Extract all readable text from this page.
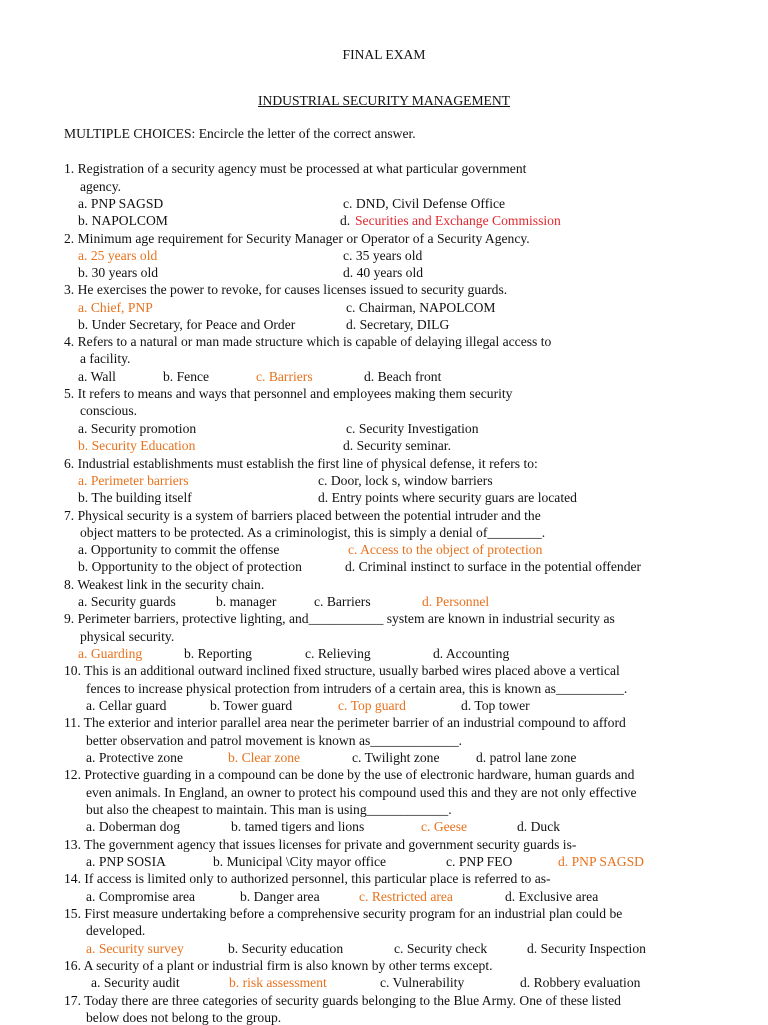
FINAL EXAM
INDUSTRIAL SECURITY MANAGEMENT
MULTIPLE CHOICES: Encircle the letter of the correct answer.
1. Registration of a security agency must be processed at what particular government
agency.
a. PNP SAGSD	c. DND, Civil Defense Office
b. NAPOLCOM	d. Securities and Exchange Commission
2. Minimum age requirement for Security Manager or Operator of a Security Agency.
a. 25 years old	c. 35 years old
b. 30 years old	d. 40 years old
3. He exercises the power to revoke, for causes licenses issued to security guards.
a. Chief, PNP	c. Chairman, NAPOLCOM
b. Under Secretary, for Peace and Order	d. Secretary, DILG
4. Refers to a natural or man made structure which is capable of delaying illegal access to
a facility.
a. Wall	b. Fence	c. Barriers	d. Beach front
5. It refers to means and ways that personnel and employees making them security
conscious.
a. Security promotion	c. Security Investigation
b. Security Education	d. Security seminar.
6. Industrial establishments must establish the first line of physical defense, it refers to:
a. Perimeter barriers	c. Door, lock s, window barriers
b. The building itself	d. Entry points where security guars are located
7. Physical security is a system of barriers placed between the potential intruder and the
object matters to be protected. As a criminologist, this is simply a denial of________.
a. Opportunity to commit the offense	c. Access to the object of protection
b. Opportunity to the object of protection	d. Criminal instinct to surface in the potential offender
8. Weakest link in the security chain.
a. Security guards	b. manager	c. Barriers	d. Personnel
9. Perimeter barriers, protective lighting, and___________ system are known in industrial security as
physical security.
a. Guarding	b. Reporting	c. Relieving	d. Accounting
10. This is an additional outward inclined fixed structure, usually barbed wires placed above a vertical
fences to increase physical protection from intruders of a certain area, this is known as__________.
a. Cellar guard	b. Tower guard	c. Top guard	d. Top tower
11. The exterior and interior parallel area near the perimeter barrier of an industrial compound to afford
better observation and patrol movement is known as_____________.
a. Protective zone	b. Clear zone	c. Twilight zone	d. patrol lane zone
12. Protective guarding in a compound can be done by the use of electronic hardware, human guards and
even animals. In England, an owner to protect his compound used this and they are not only effective
but also the cheapest to maintain. This man is using____________.
a. Doberman dog	b. tamed tigers and lions	c. Geese	d. Duck
13. The government agency that issues licenses for private and government security guards is-
a. PNP SOSIA	b. Municipal \City mayor office	c. PNP FEO	d. PNP SAGSD
14. If access is limited only to authorized personnel, this particular place is referred to as-
a. Compromise area	b. Danger area	c. Restricted area	d. Exclusive area
15. First measure undertaking before a comprehensive security program for an industrial plan could be
developed.
a. Security survey	b. Security education	c. Security check	d. Security Inspection
16. A security of a plant or industrial firm is also known by other terms except.
a. Security audit	b. risk assessment	c. Vulnerability	d. Robbery evaluation
17. Today there are three categories of security guards belonging to the Blue Army. One of these listed
below does not belong to the group.
